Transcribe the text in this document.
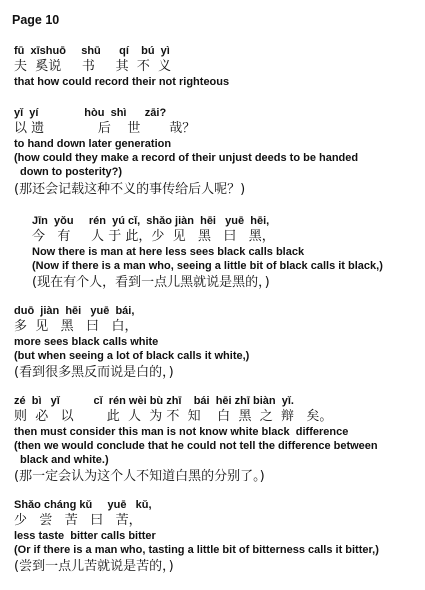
Page 10
fū  xīshuō     shū      qí    bú  yì
夫  奚说     书     其  不  义
that how could record their not righteous
yǐ  yí               hòu  shì      zāi?
以 遗             后    世       哉？
to hand down later generation
(how could they make a record of their unjust deeds to be handed
down to posterity?)
(那还会记载这种不义的事传给后人呢？)
Jīn  yǒu     rén  yú cǐ,  shǎo jiàn  hēi   yuē  hēi,
今   有     人 于 此，少  见   黑   曰   黑，
Now there is man at here less sees black calls black
(Now if there is a man who, seeing a little bit of black calls it black,)
(现在有个人，看到一点儿黑就说是黑的，)
duō  jiàn  hēi   yuē  bái,
多  见   黑   曰   白，
more sees black calls white
(but when seeing a lot of black calls it white,)
(看到很多黑反而说是白的，)
zé  bì   yǐ           cǐ  rén wèi bù zhī    bái  hēi zhī biàn  yǐ.
则  必   以        此  人  为 不  知    白  黑  之  辩   矣。
then must consider this man is not know white black  difference
(then we would conclude that he could not tell the difference between
black and white.)
(那一定会认为这个人不知道白黑的分别了。)
Shǎo cháng kǔ     yuē   kǔ,
少   尝   苦   曰   苦，
less taste  bitter calls bitter
(Or if there is a man who, tasting a little bit of bitterness calls it bitter,)
(尝到一点儿苦就说是苦的，)
